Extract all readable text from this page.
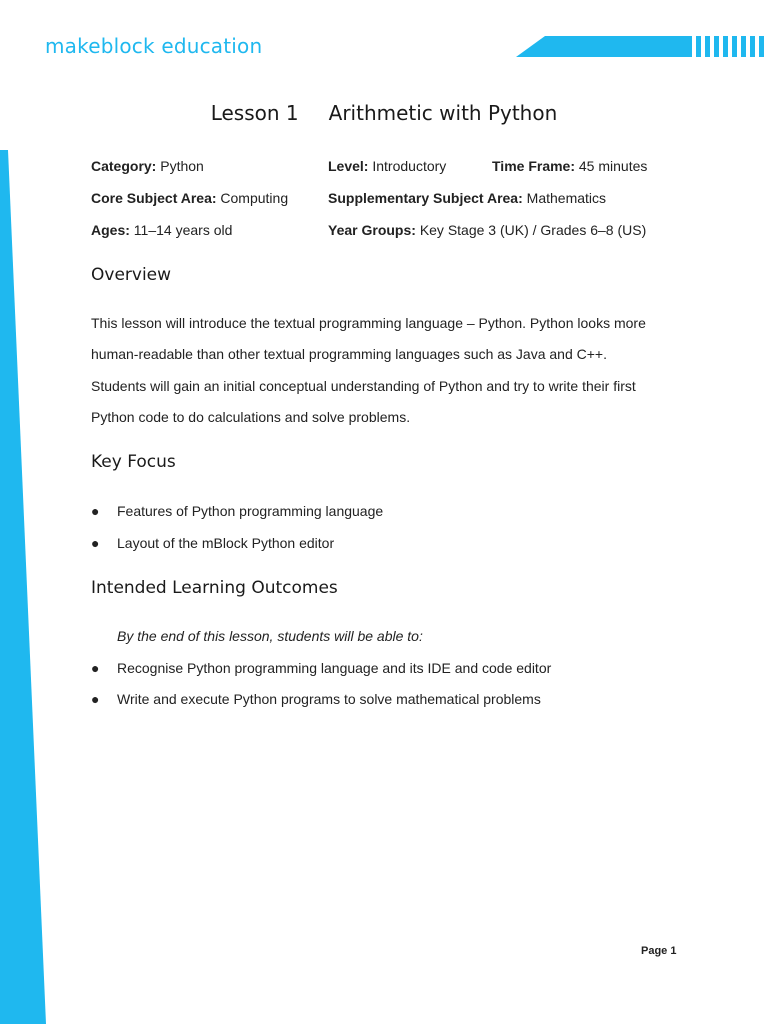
makeblock education
Lesson 1 Arithmetic with Python
Category: Python	Level: Introductory	Time Frame: 45 minutes
Core Subject Area: Computing	Supplementary Subject Area: Mathematics
Ages: 11–14 years old	Year Groups: Key Stage 3 (UK) / Grades 6–8 (US)
Overview
This lesson will introduce the textual programming language – Python. Python looks more
human-readable than other textual programming languages such as Java and C++.
Students will gain an initial conceptual understanding of Python and try to write their first
Python code to do calculations and solve problems.
Key Focus
● Features of Python programming language
● Layout of the mBlock Python editor
Intended Learning Outcomes
By the end of this lesson, students will be able to:
● Recognise Python programming language and its IDE and code editor
● Write and execute Python programs to solve mathematical problems
Page 1
